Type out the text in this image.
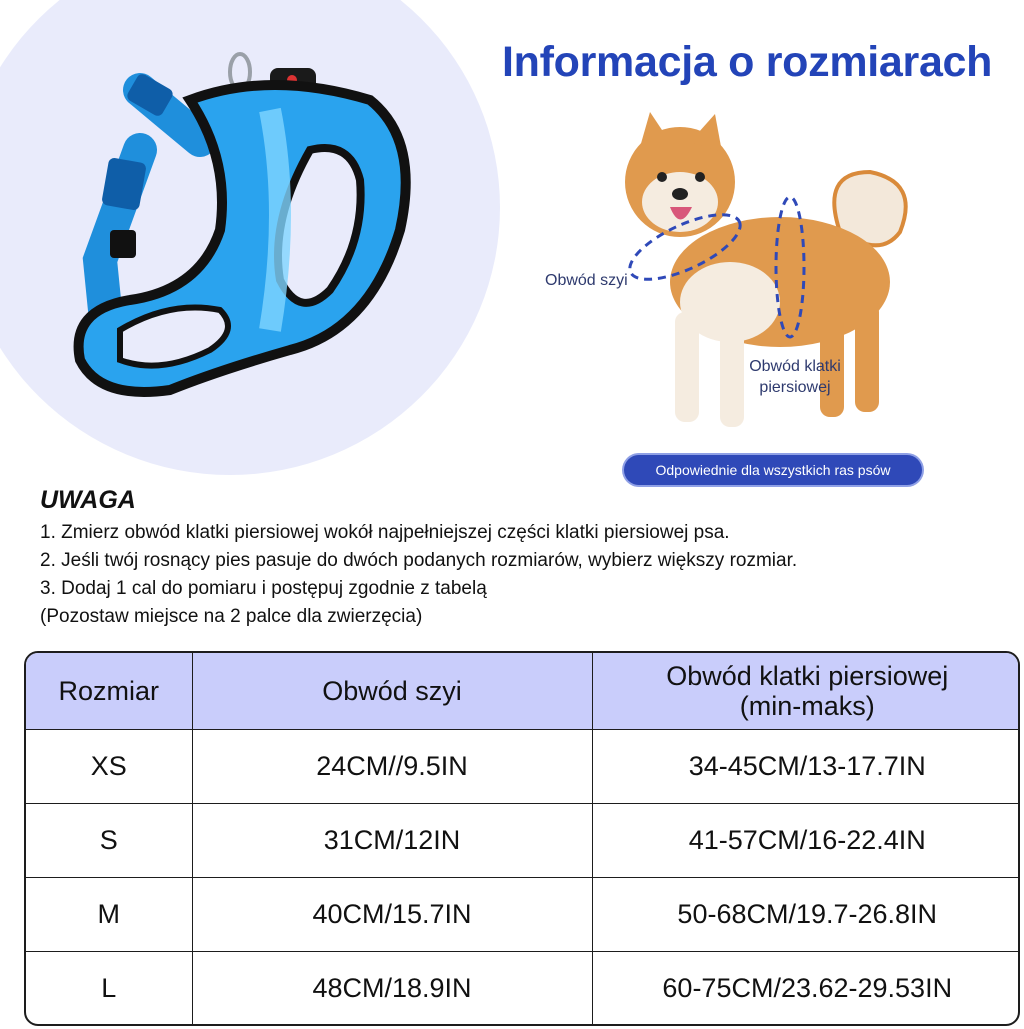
Informacja o rozmiarach
Obwód szyi
Obwód klatki
piersiowej
Odpowiednie dla wszystkich ras psów
UWAGA
1. Zmierz obwód klatki piersiowej wokół najpełniejszej części klatki piersiowej psa.
2. Jeśli twój rosnący pies pasuje do dwóch podanych rozmiarów, wybierz większy rozmiar.
3. Dodaj 1 cal do pomiaru i postępuj zgodnie z tabelą
(Pozostaw miejsce na 2 palce dla zwierzęcia)
Rozmiar	Obwód szyi	Obwód klatki piersiowej
(min-maks)

XS	24CM//9.5IN	34-45CM/13-17.7IN
S	31CM/12IN	41-57CM/16-22.4IN
M	40CM/15.7IN	50-68CM/19.7-26.8IN
L	48CM/18.9IN	60-75CM/23.62-29.53IN
